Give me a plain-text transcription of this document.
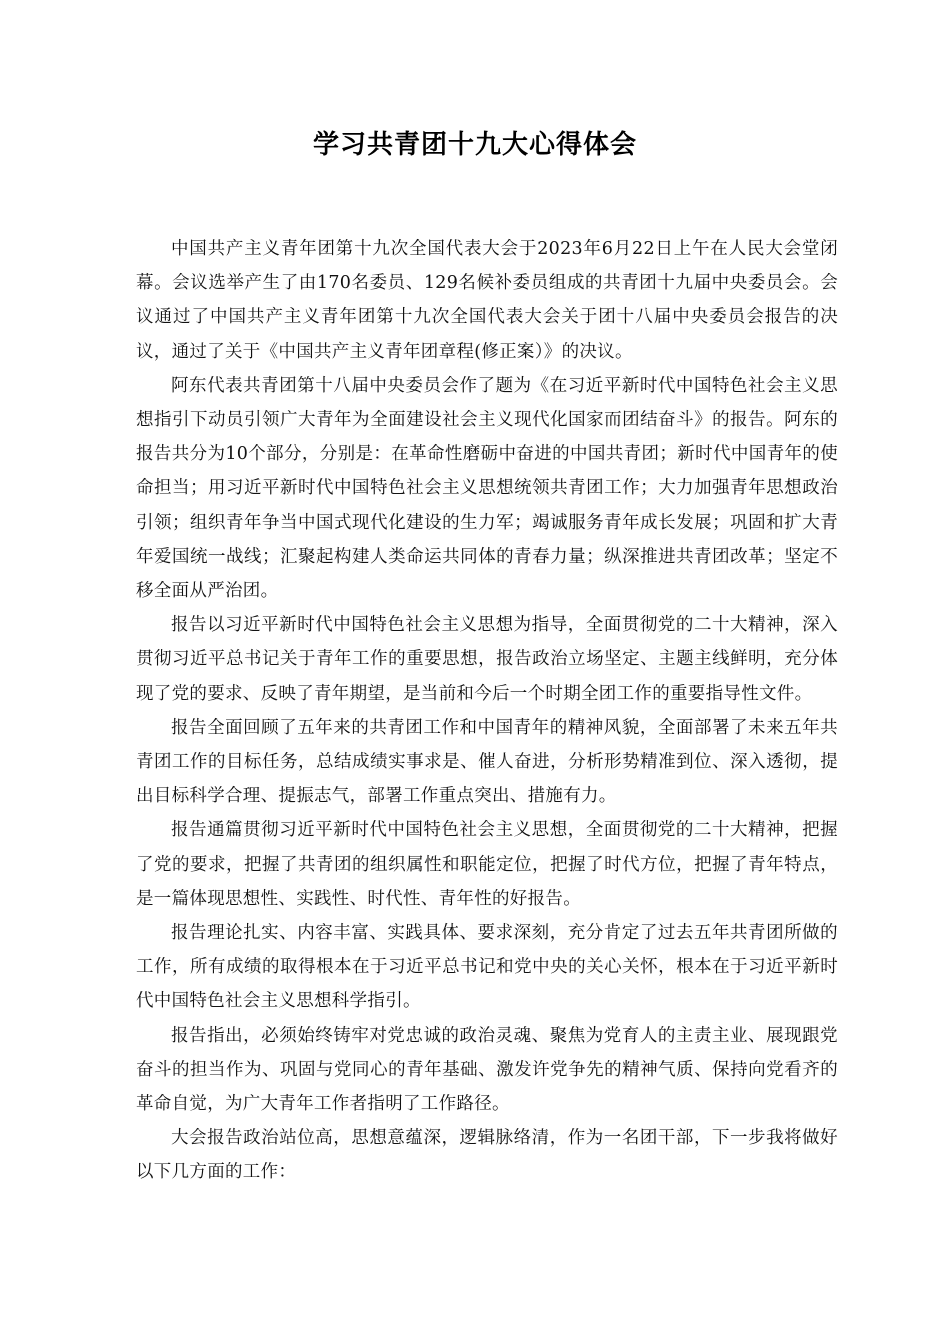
学习共青团十九大心得体会

中国共产主义青年团第十九次全国代表大会于2023年6月22日上午在人民大会堂闭幕。会议选举产生了由170名委员、129名候补委员组成的共青团十九届中央委员会。会议通过了中国共产主义青年团第十九次全国代表大会关于团十八届中央委员会报告的决议，通过了关于《中国共产主义青年团章程(修正案）》的决议。

阿东代表共青团第十八届中央委员会作了题为《在习近平新时代中国特色社会主义思想指引下动员引领广大青年为全面建设社会主义现代化国家而团结奋斗》的报告。阿东的报告共分为10个部分，分别是：在革命性磨砺中奋进的中国共青团；新时代中国青年的使命担当；用习近平新时代中国特色社会主义思想统领共青团工作；大力加强青年思想政治引领；组织青年争当中国式现代化建设的生力军；竭诚服务青年成长发展；巩固和扩大青年爱国统一战线；汇聚起构建人类命运共同体的青春力量；纵深推进共青团改革；坚定不移全面从严治团。

报告以习近平新时代中国特色社会主义思想为指导，全面贯彻党的二十大精神，深入贯彻习近平总书记关于青年工作的重要思想，报告政治立场坚定、主题主线鲜明，充分体现了党的要求、反映了青年期望，是当前和今后一个时期全团工作的重要指导性文件。

报告全面回顾了五年来的共青团工作和中国青年的精神风貌，全面部署了未来五年共青团工作的目标任务，总结成绩实事求是、催人奋进，分析形势精准到位、深入透彻，提出目标科学合理、提振志气，部署工作重点突出、措施有力。

报告通篇贯彻习近平新时代中国特色社会主义思想，全面贯彻党的二十大精神，把握了党的要求，把握了共青团的组织属性和职能定位，把握了时代方位，把握了青年特点，是一篇体现思想性、实践性、时代性、青年性的好报告。

报告理论扎实、内容丰富、实践具体、要求深刻，充分肯定了过去五年共青团所做的工作，所有成绩的取得根本在于习近平总书记和党中央的关心关怀，根本在于习近平新时代中国特色社会主义思想科学指引。

报告指出，必须始终铸牢对党忠诚的政治灵魂、聚焦为党育人的主责主业、展现跟党奋斗的担当作为、巩固与党同心的青年基础、激发许党争先的精神气质、保持向党看齐的革命自觉，为广大青年工作者指明了工作路径。

大会报告政治站位高，思想意蕴深，逻辑脉络清，作为一名团干部，下一步我将做好以下几方面的工作：
